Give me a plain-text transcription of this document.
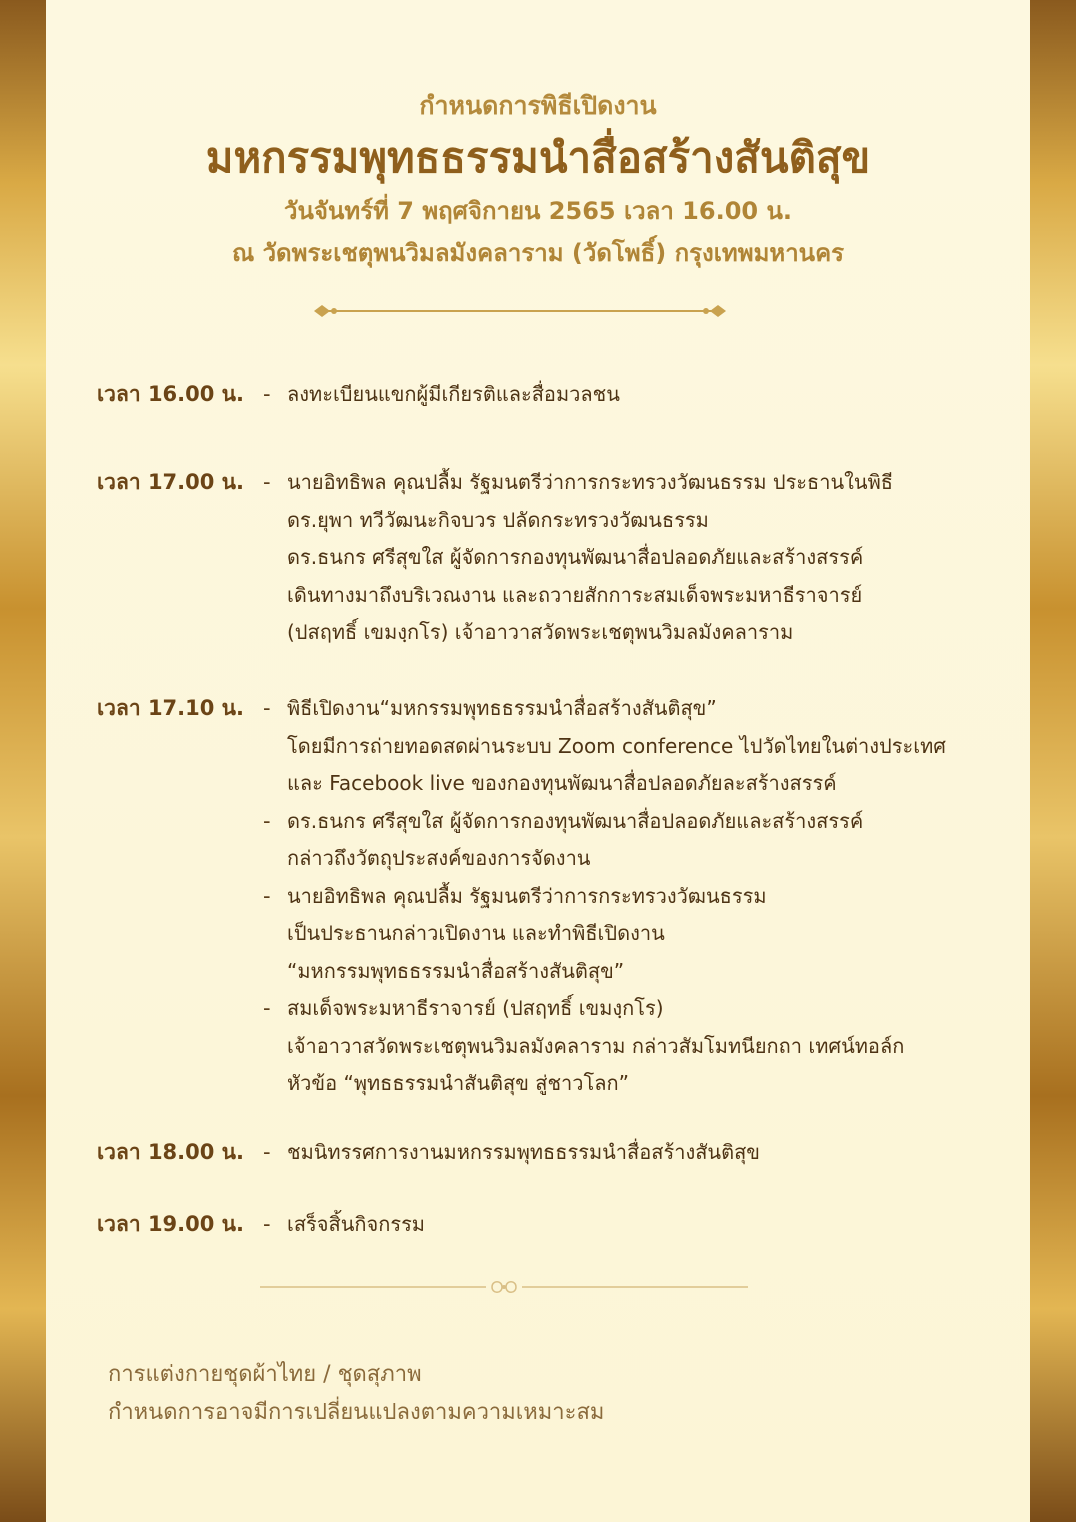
กำหนดการพิธีเปิดงาน

มหกรรมพุทธธรรมนำสื่อสร้างสันติสุข

วันจันทร์ที่ 7 พฤศจิกายน 2565 เวลา 16.00 น.

ณ วัดพระเชตุพนวิมลมังคลาราม (วัดโพธิ์) กรุงเทพมหานคร

เวลา 16.00 น. - ลงทะเบียนแขกผู้มีเกียรติและสื่อมวลชน
เวลา 17.00 น. - นายอิทธิพล คุณปลื้ม รัฐมนตรีว่าการกระทรวงวัฒนธรรม ประธานในพิธี
ดร.ยุพา ทวีวัฒนะกิจบวร ปลัดกระทรวงวัฒนธรรม
ดร.ธนกร ศรีสุขใส ผู้จัดการกองทุนพัฒนาสื่อปลอดภัยและสร้างสรรค์
เดินทางมาถึงบริเวณงาน และถวายสักการะสมเด็จพระมหาธีราจารย์
(ปสฤทธิ์ เขมงฺกโร) เจ้าอาวาสวัดพระเชตุพนวิมลมังคลาราม
เวลา 17.10 น. - พิธีเปิดงาน“มหกรรมพุทธธรรมนำสื่อสร้างสันติสุข”
โดยมีการถ่ายทอดสดผ่านระบบ Zoom conference ไปวัดไทยในต่างประเทศ
และ Facebook live ของกองทุนพัฒนาสื่อปลอดภัยละสร้างสรรค์
- ดร.ธนกร ศรีสุขใส ผู้จัดการกองทุนพัฒนาสื่อปลอดภัยและสร้างสรรค์
กล่าวถึงวัตถุประสงค์ของการจัดงาน
- นายอิทธิพล คุณปลื้ม รัฐมนตรีว่าการกระทรวงวัฒนธรรม
เป็นประธานกล่าวเปิดงาน และทำพิธีเปิดงาน
“มหกรรมพุทธธรรมนำสื่อสร้างสันติสุข”
- สมเด็จพระมหาธีราจารย์ (ปสฤทธิ์ เขมงฺกโร)
เจ้าอาวาสวัดพระเชตุพนวิมลมังคลาราม กล่าวสัมโมทนียกถา เทศน์ทอล์ก
หัวข้อ “พุทธธรรมนำสันติสุข สู่ชาวโลก”
เวลา 18.00 น. - ชมนิทรรศการงานมหกรรมพุทธธรรมนำสื่อสร้างสันติสุข
เวลา 19.00 น. - เสร็จสิ้นกิจกรรม
การแต่งกายชุดผ้าไทย / ชุดสุภาพ
กำหนดการอาจมีการเปลี่ยนแปลงตามความเหมาะสม
